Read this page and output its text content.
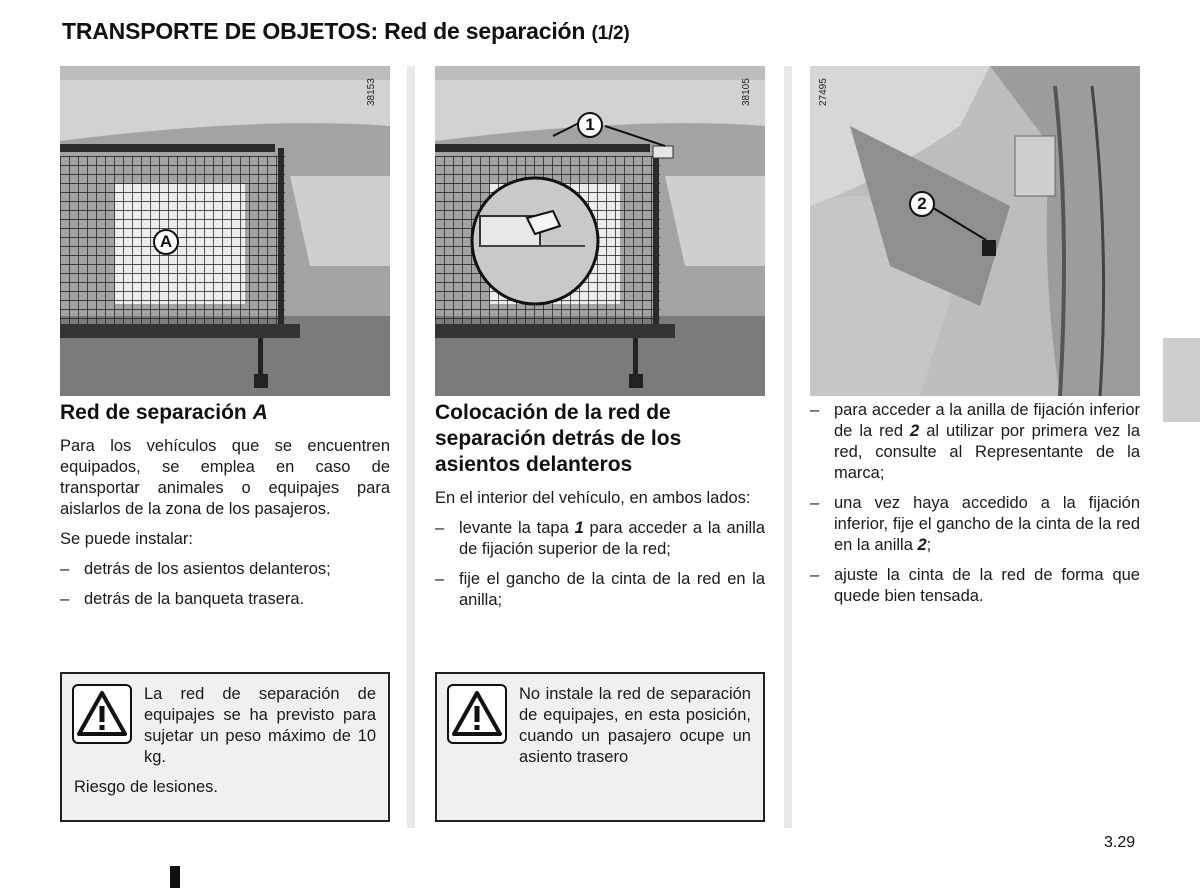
TRANSPORTE DE OBJETOS: Red de separación (1/2)
38153
A
38105
1
27495
2
Red de separación A

Para los vehículos que se encuentren equipados, se emplea en caso de transportar animales o equipajes para aislarlos de la zona de los pasajeros.

Se puede instalar:

– detrás de los asientos delanteros;
– detrás de la banqueta trasera.
Colocación de la red de separación detrás de los asientos delanteros

En el interior del vehículo, en ambos lados:

– levante la tapa 1 para acceder a la anilla de fijación superior de la red;
– fije el gancho de la cinta de la red en la anilla;
– para acceder a la anilla de fijación inferior de la red 2 al utilizar por primera vez la red, consulte al Representante de la marca;
– una vez haya accedido a la fijación inferior, fije el gancho de la cinta de la red en la anilla 2;
– ajuste la cinta de la red de forma que quede bien tensada.
La red de separación de equipajes se ha previsto para sujetar un peso máximo de 10 kg.
Riesgo de lesiones.
No instale la red de separación de equipajes, en esta posición, cuando un pasajero ocupe un asiento trasero
3.29
